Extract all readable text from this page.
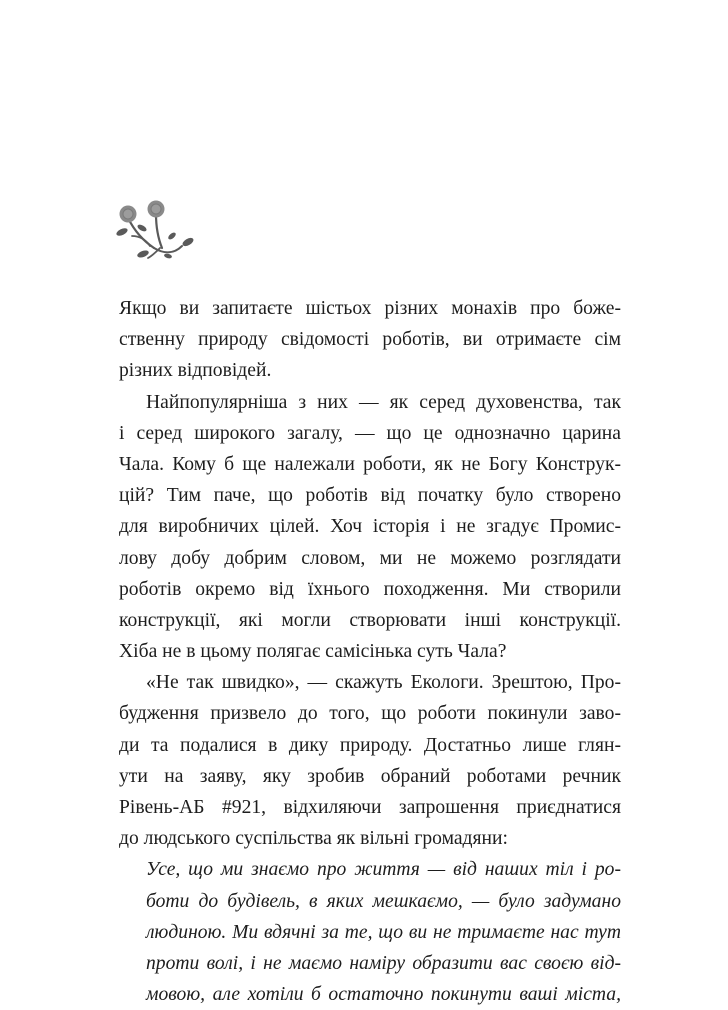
Якщо ви запитаєте шістьох різних монахів про боже-
ственну природу свідомості роботів, ви отримаєте сім
різних відповідей.
Найпопулярніша з них — як серед духовенства, так
і серед широкого загалу, — що це однозначно царина
Чала. Кому б ще належали роботи, як не Богу Конструк-
цій? Тим паче, що роботів від початку було створено
для виробничих цілей. Хоч історія і не згадує Промис-
лову добу добрим словом, ми не можемо розглядати
роботів окремо від їхнього походження. Ми створили
конструкції, які могли створювати інші конструкції.
Хіба не в цьому полягає самісінька суть Чала?
«Не так швидко», — скажуть Екологи. Зрештою, Про-
будження призвело до того, що роботи покинули заво-
ди та подалися в дику природу. Достатньо лише глян-
ути на заяву, яку зробив обраний роботами речник
Рівень-АБ #921, відхиляючи запрошення приєднатися
до людського суспільства як вільні громадяни:
Усе, що ми знаємо про життя — від наших тіл і ро-
боти до будівель, в яких мешкаємо, — було задумано
людиною. Ми вдячні за те, що ви не тримаєте нас тут
проти волі, і не маємо наміру образити вас своєю від-
мовою, але хотіли б остаточно покинути ваші міста,
